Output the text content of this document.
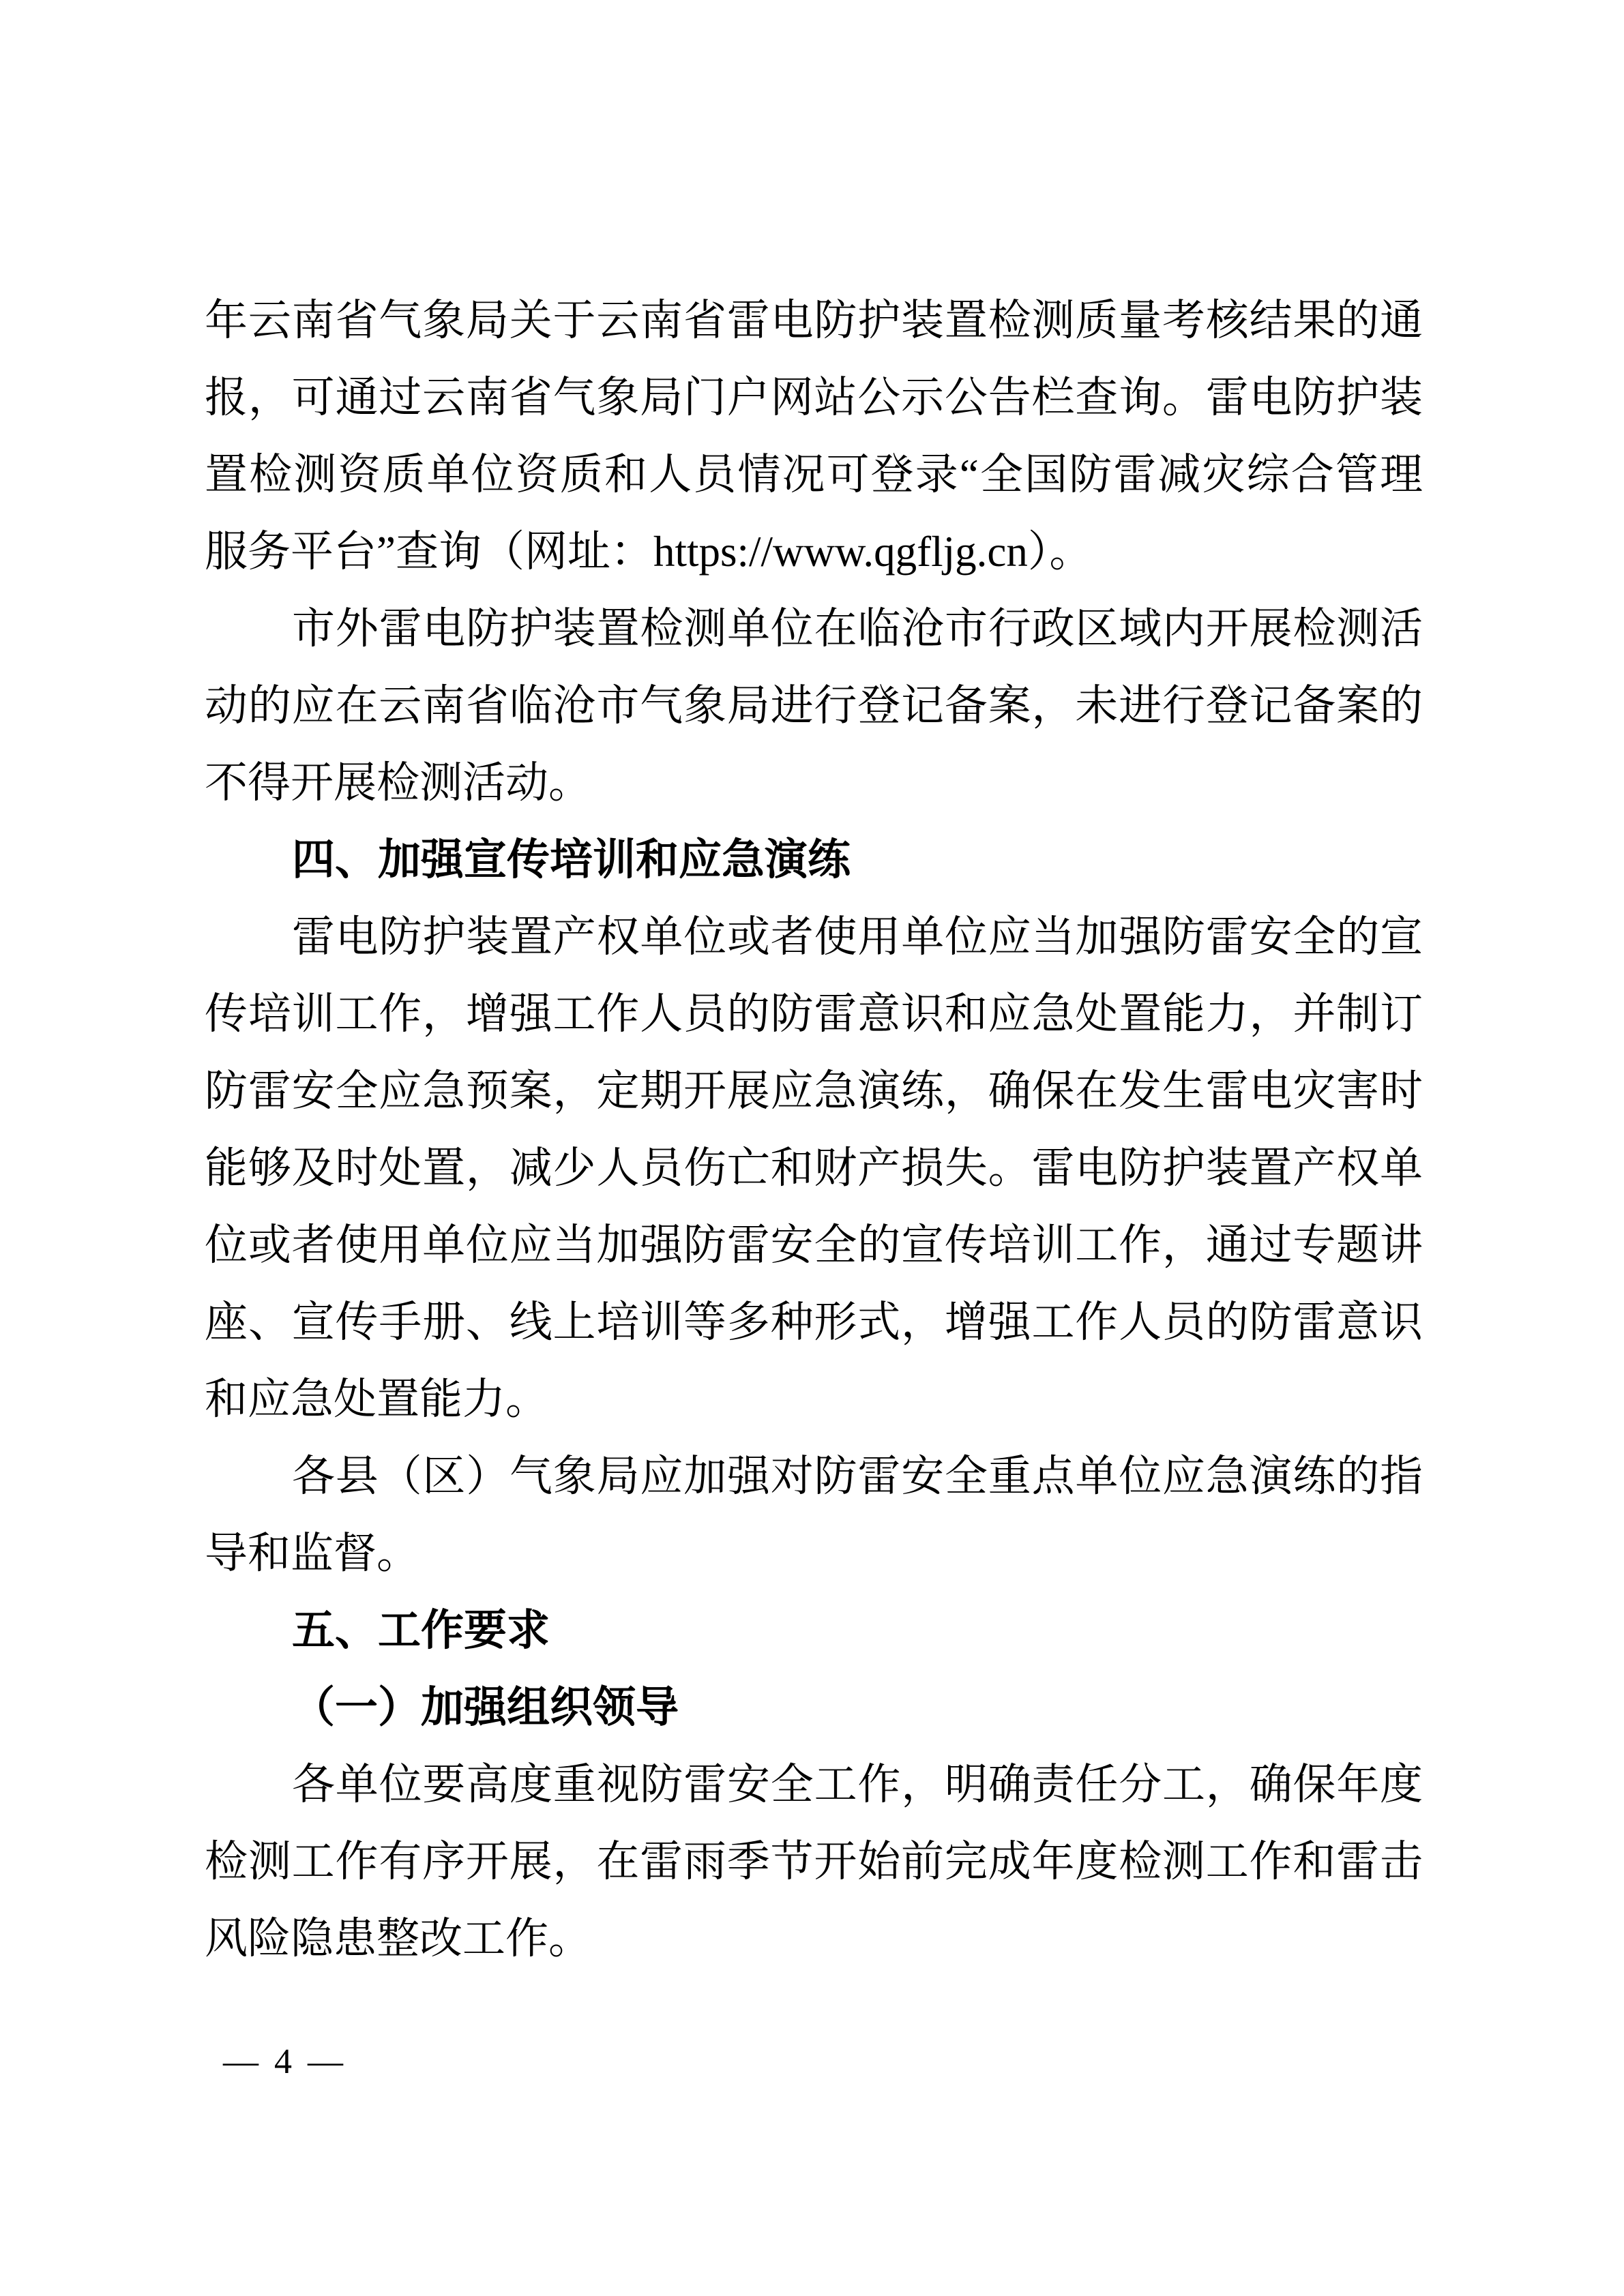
年云南省气象局关于云南省雷电防护装置检测质量考核结果的通
报，可通过云南省气象局门户网站公示公告栏查询。雷电防护装
置检测资质单位资质和人员情况可登录“全国防雷减灾综合管理
服务平台”查询（网址：https://www.qgfljg.cn）。
市外雷电防护装置检测单位在临沧市行政区域内开展检测活
动的应在云南省临沧市气象局进行登记备案，未进行登记备案的
不得开展检测活动。
四、加强宣传培训和应急演练
雷电防护装置产权单位或者使用单位应当加强防雷安全的宣
传培训工作，增强工作人员的防雷意识和应急处置能力，并制订
防雷安全应急预案，定期开展应急演练，确保在发生雷电灾害时
能够及时处置，减少人员伤亡和财产损失。雷电防护装置产权单
位或者使用单位应当加强防雷安全的宣传培训工作，通过专题讲
座、宣传手册、线上培训等多种形式，增强工作人员的防雷意识
和应急处置能力。
各县（区）气象局应加强对防雷安全重点单位应急演练的指
导和监督。
五、工作要求
（一）加强组织领导
各单位要高度重视防雷安全工作，明确责任分工，确保年度
检测工作有序开展，在雷雨季节开始前完成年度检测工作和雷击
风险隐患整改工作。
— 4 —
